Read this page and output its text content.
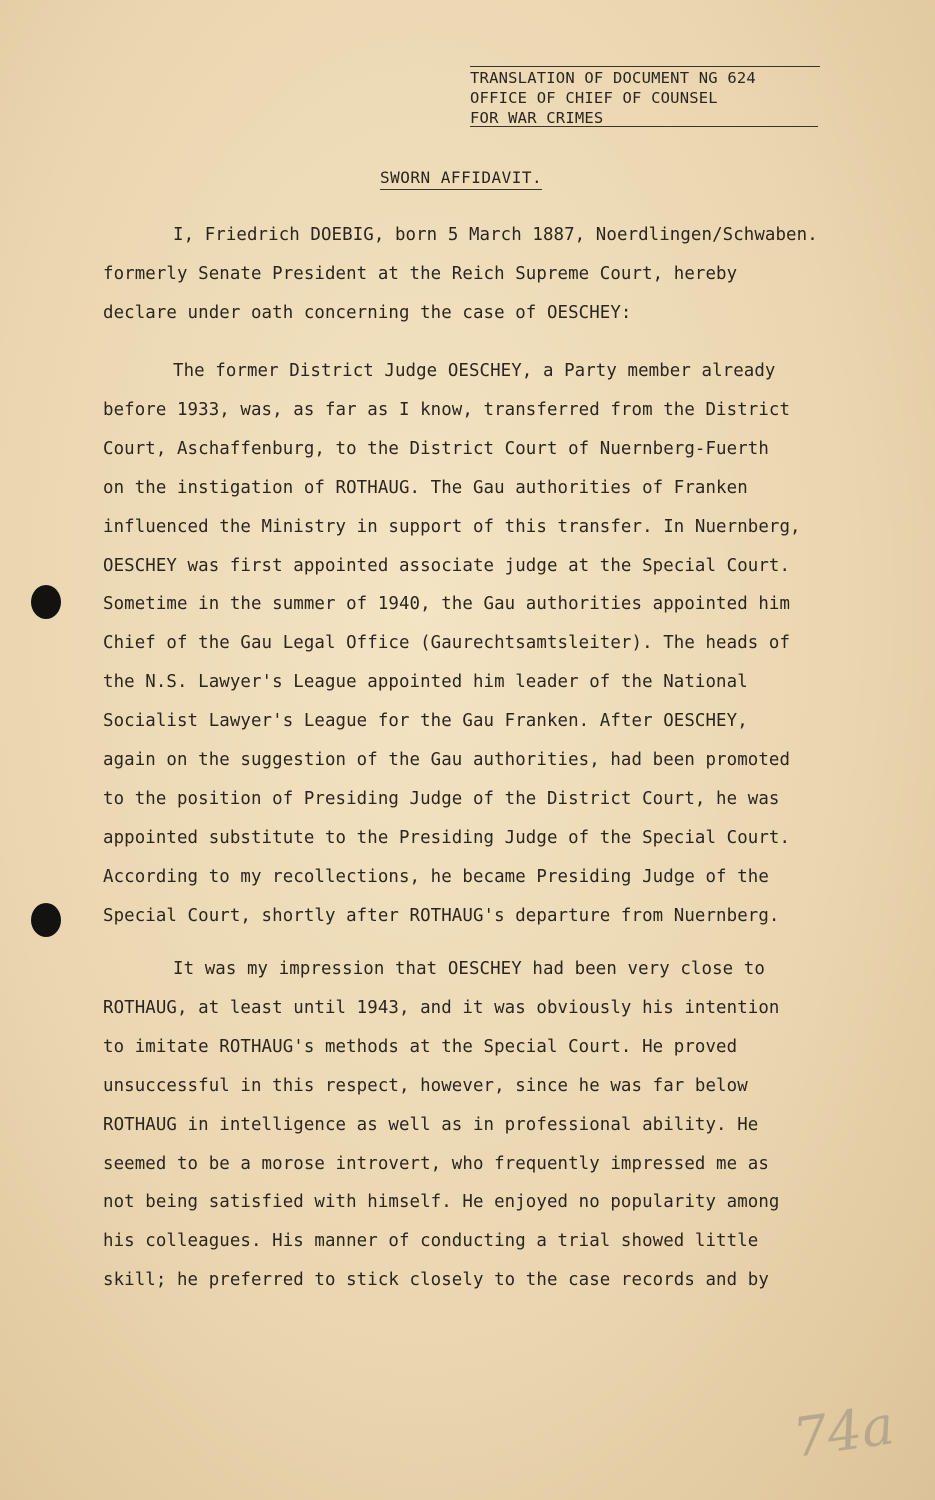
TRANSLATION OF DOCUMENT NG 624
OFFICE OF CHIEF OF COUNSEL
FOR WAR CRIMES
SWORN AFFIDAVIT.
I, Friedrich DOEBIG, born 5 March 1887, Noerdlingen/Schwaben.
formerly Senate President at the Reich Supreme Court, hereby
declare under oath concerning the case of OESCHEY:
The former District Judge OESCHEY, a Party member already
before 1933, was, as far as I know, transferred from the District
Court, Aschaffenburg, to the District Court of Nuernberg-Fuerth
on the instigation of ROTHAUG. The Gau authorities of Franken
influenced the Ministry in support of this transfer. In Nuernberg,
OESCHEY was first appointed associate judge at the Special Court.
Sometime in the summer of 1940, the Gau authorities appointed him
Chief of the Gau Legal Office (Gaurechtsamtsleiter). The heads of
the N.S. Lawyer's League appointed him leader of the National
Socialist Lawyer's League for the Gau Franken. After OESCHEY,
again on the suggestion of the Gau authorities, had been promoted
to the position of Presiding Judge of the District Court, he was
appointed substitute to the Presiding Judge of the Special Court.
According to my recollections, he became Presiding Judge of the
Special Court, shortly after ROTHAUG's departure from Nuernberg.
It was my impression that OESCHEY had been very close to
ROTHAUG, at least until 1943, and it was obviously his intention
to imitate ROTHAUG's methods at the Special Court. He proved
unsuccessful in this respect, however, since he was far below
ROTHAUG in intelligence as well as in professional ability. He
seemed to be a morose introvert, who frequently impressed me as
not being satisfied with himself. He enjoyed no popularity among
his colleagues. His manner of conducting a trial showed little
skill; he preferred to stick closely to the case records and by
74a
